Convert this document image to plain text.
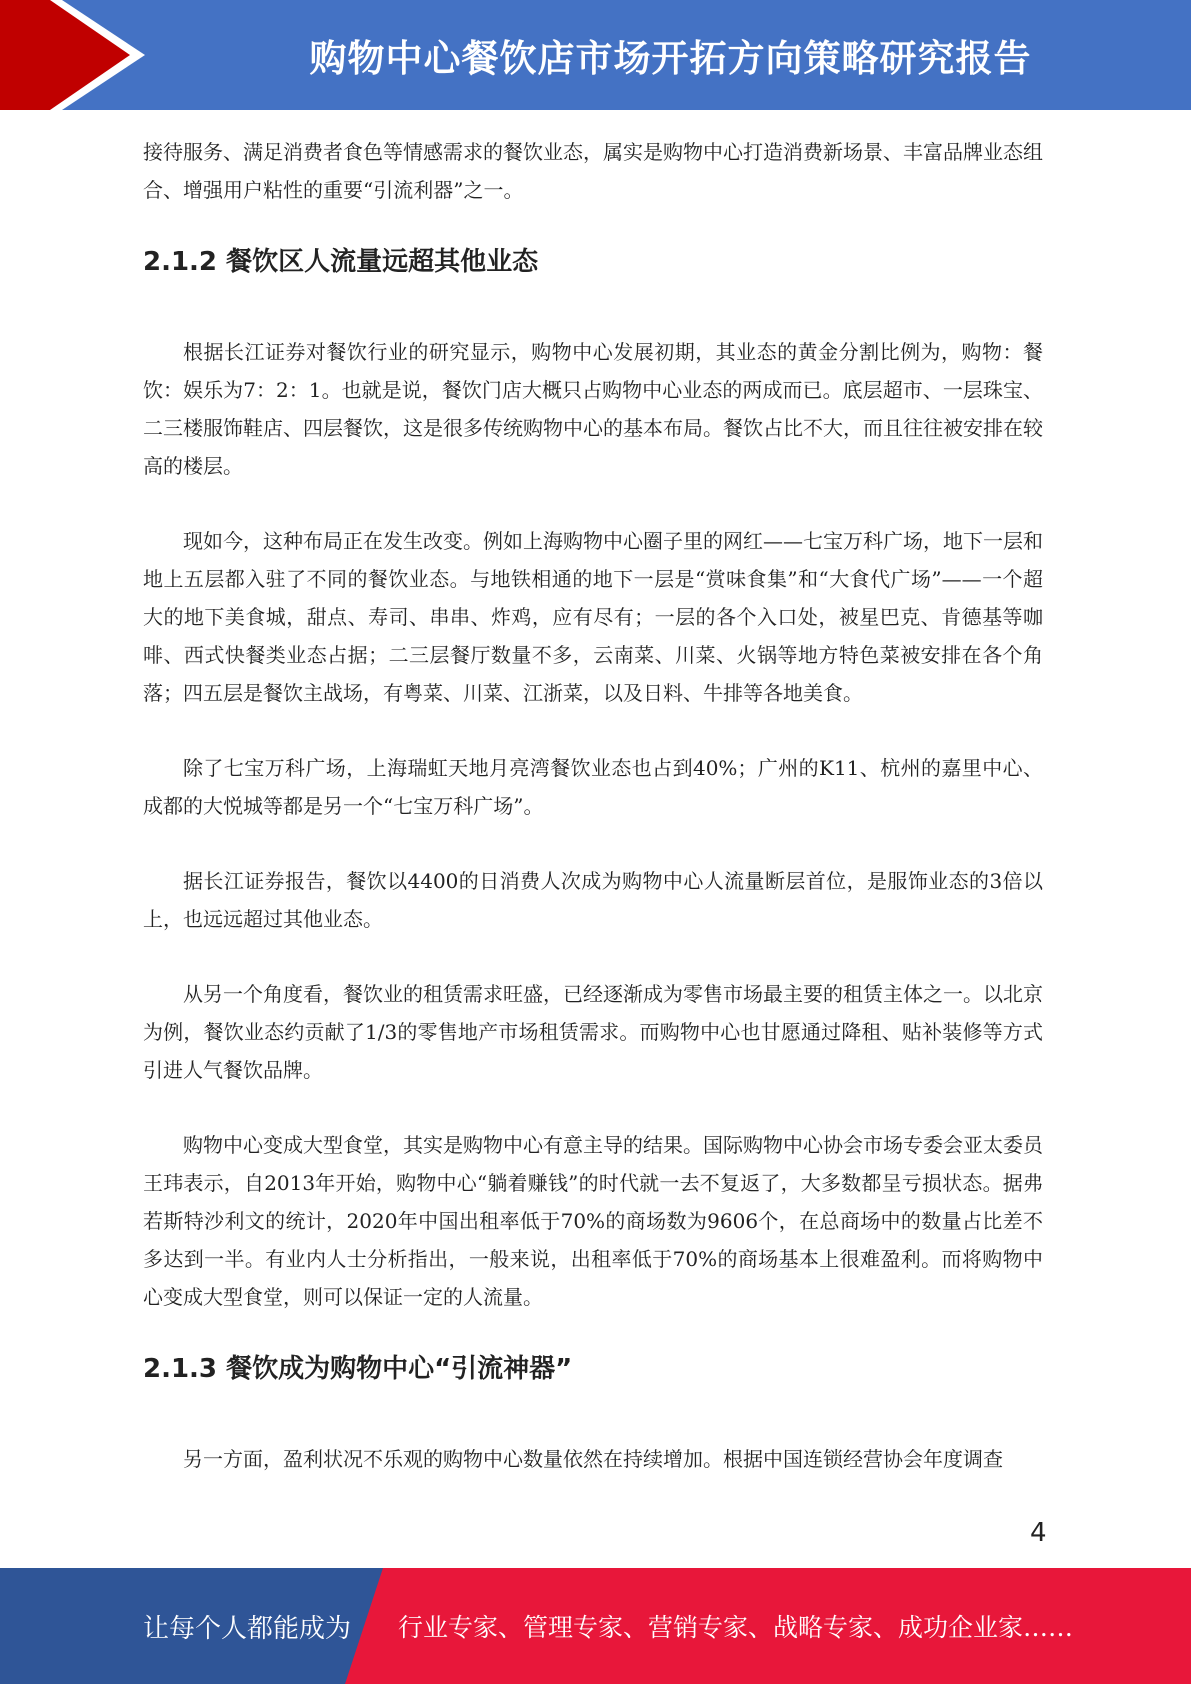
购物中心餐饮店市场开拓方向策略研究报告

接待服务、满足消费者食色等情感需求的餐饮业态，属实是购物中心打造消费新场景、丰富品牌业态组合、增强用户粘性的重要“引流利器”之一。

2.1.2 餐饮区人流量远超其他业态

根据长江证券对餐饮行业的研究显示，购物中心发展初期，其业态的黄金分割比例为，购物：餐饮：娱乐为7：2：1。也就是说，餐饮门店大概只占购物中心业态的两成而已。底层超市、一层珠宝、二三楼服饰鞋店、四层餐饮，这是很多传统购物中心的基本布局。餐饮占比不大，而且往往被安排在较高的楼层。

现如今，这种布局正在发生改变。例如上海购物中心圈子里的网红——七宝万科广场，地下一层和地上五层都入驻了不同的餐饮业态。与地铁相通的地下一层是“赏味食集”和“大食代广场”——一个超大的地下美食城，甜点、寿司、串串、炸鸡，应有尽有；一层的各个入口处，被星巴克、肯德基等咖啡、西式快餐类业态占据；二三层餐厅数量不多，云南菜、川菜、火锅等地方特色菜被安排在各个角落；四五层是餐饮主战场，有粤菜、川菜、江浙菜，以及日料、牛排等各地美食。

除了七宝万科广场，上海瑞虹天地月亮湾餐饮业态也占到40%；广州的K11、杭州的嘉里中心、成都的大悦城等都是另一个“七宝万科广场”。

据长江证券报告，餐饮以4400的日消费人次成为购物中心人流量断层首位，是服饰业态的3倍以上，也远远超过其他业态。

从另一个角度看，餐饮业的租赁需求旺盛，已经逐渐成为零售市场最主要的租赁主体之一。以北京为例，餐饮业态约贡献了1/3的零售地产市场租赁需求。而购物中心也甘愿通过降租、贴补装修等方式引进人气餐饮品牌。

购物中心变成大型食堂，其实是购物中心有意主导的结果。国际购物中心协会市场专委会亚太委员王玮表示，自2013年开始，购物中心“躺着赚钱”的时代就一去不复返了，大多数都呈亏损状态。据弗若斯特沙利文的统计，2020年中国出租率低于70%的商场数为9606个，在总商场中的数量占比差不多达到一半。有业内人士分析指出，一般来说，出租率低于70%的商场基本上很难盈利。而将购物中心变成大型食堂，则可以保证一定的人流量。

2.1.3 餐饮成为购物中心“引流神器”

另一方面，盈利状况不乐观的购物中心数量依然在持续增加。根据中国连锁经营协会年度调查

4
让每个人都能成为 行业专家、管理专家、营销专家、战略专家、成功企业家……
